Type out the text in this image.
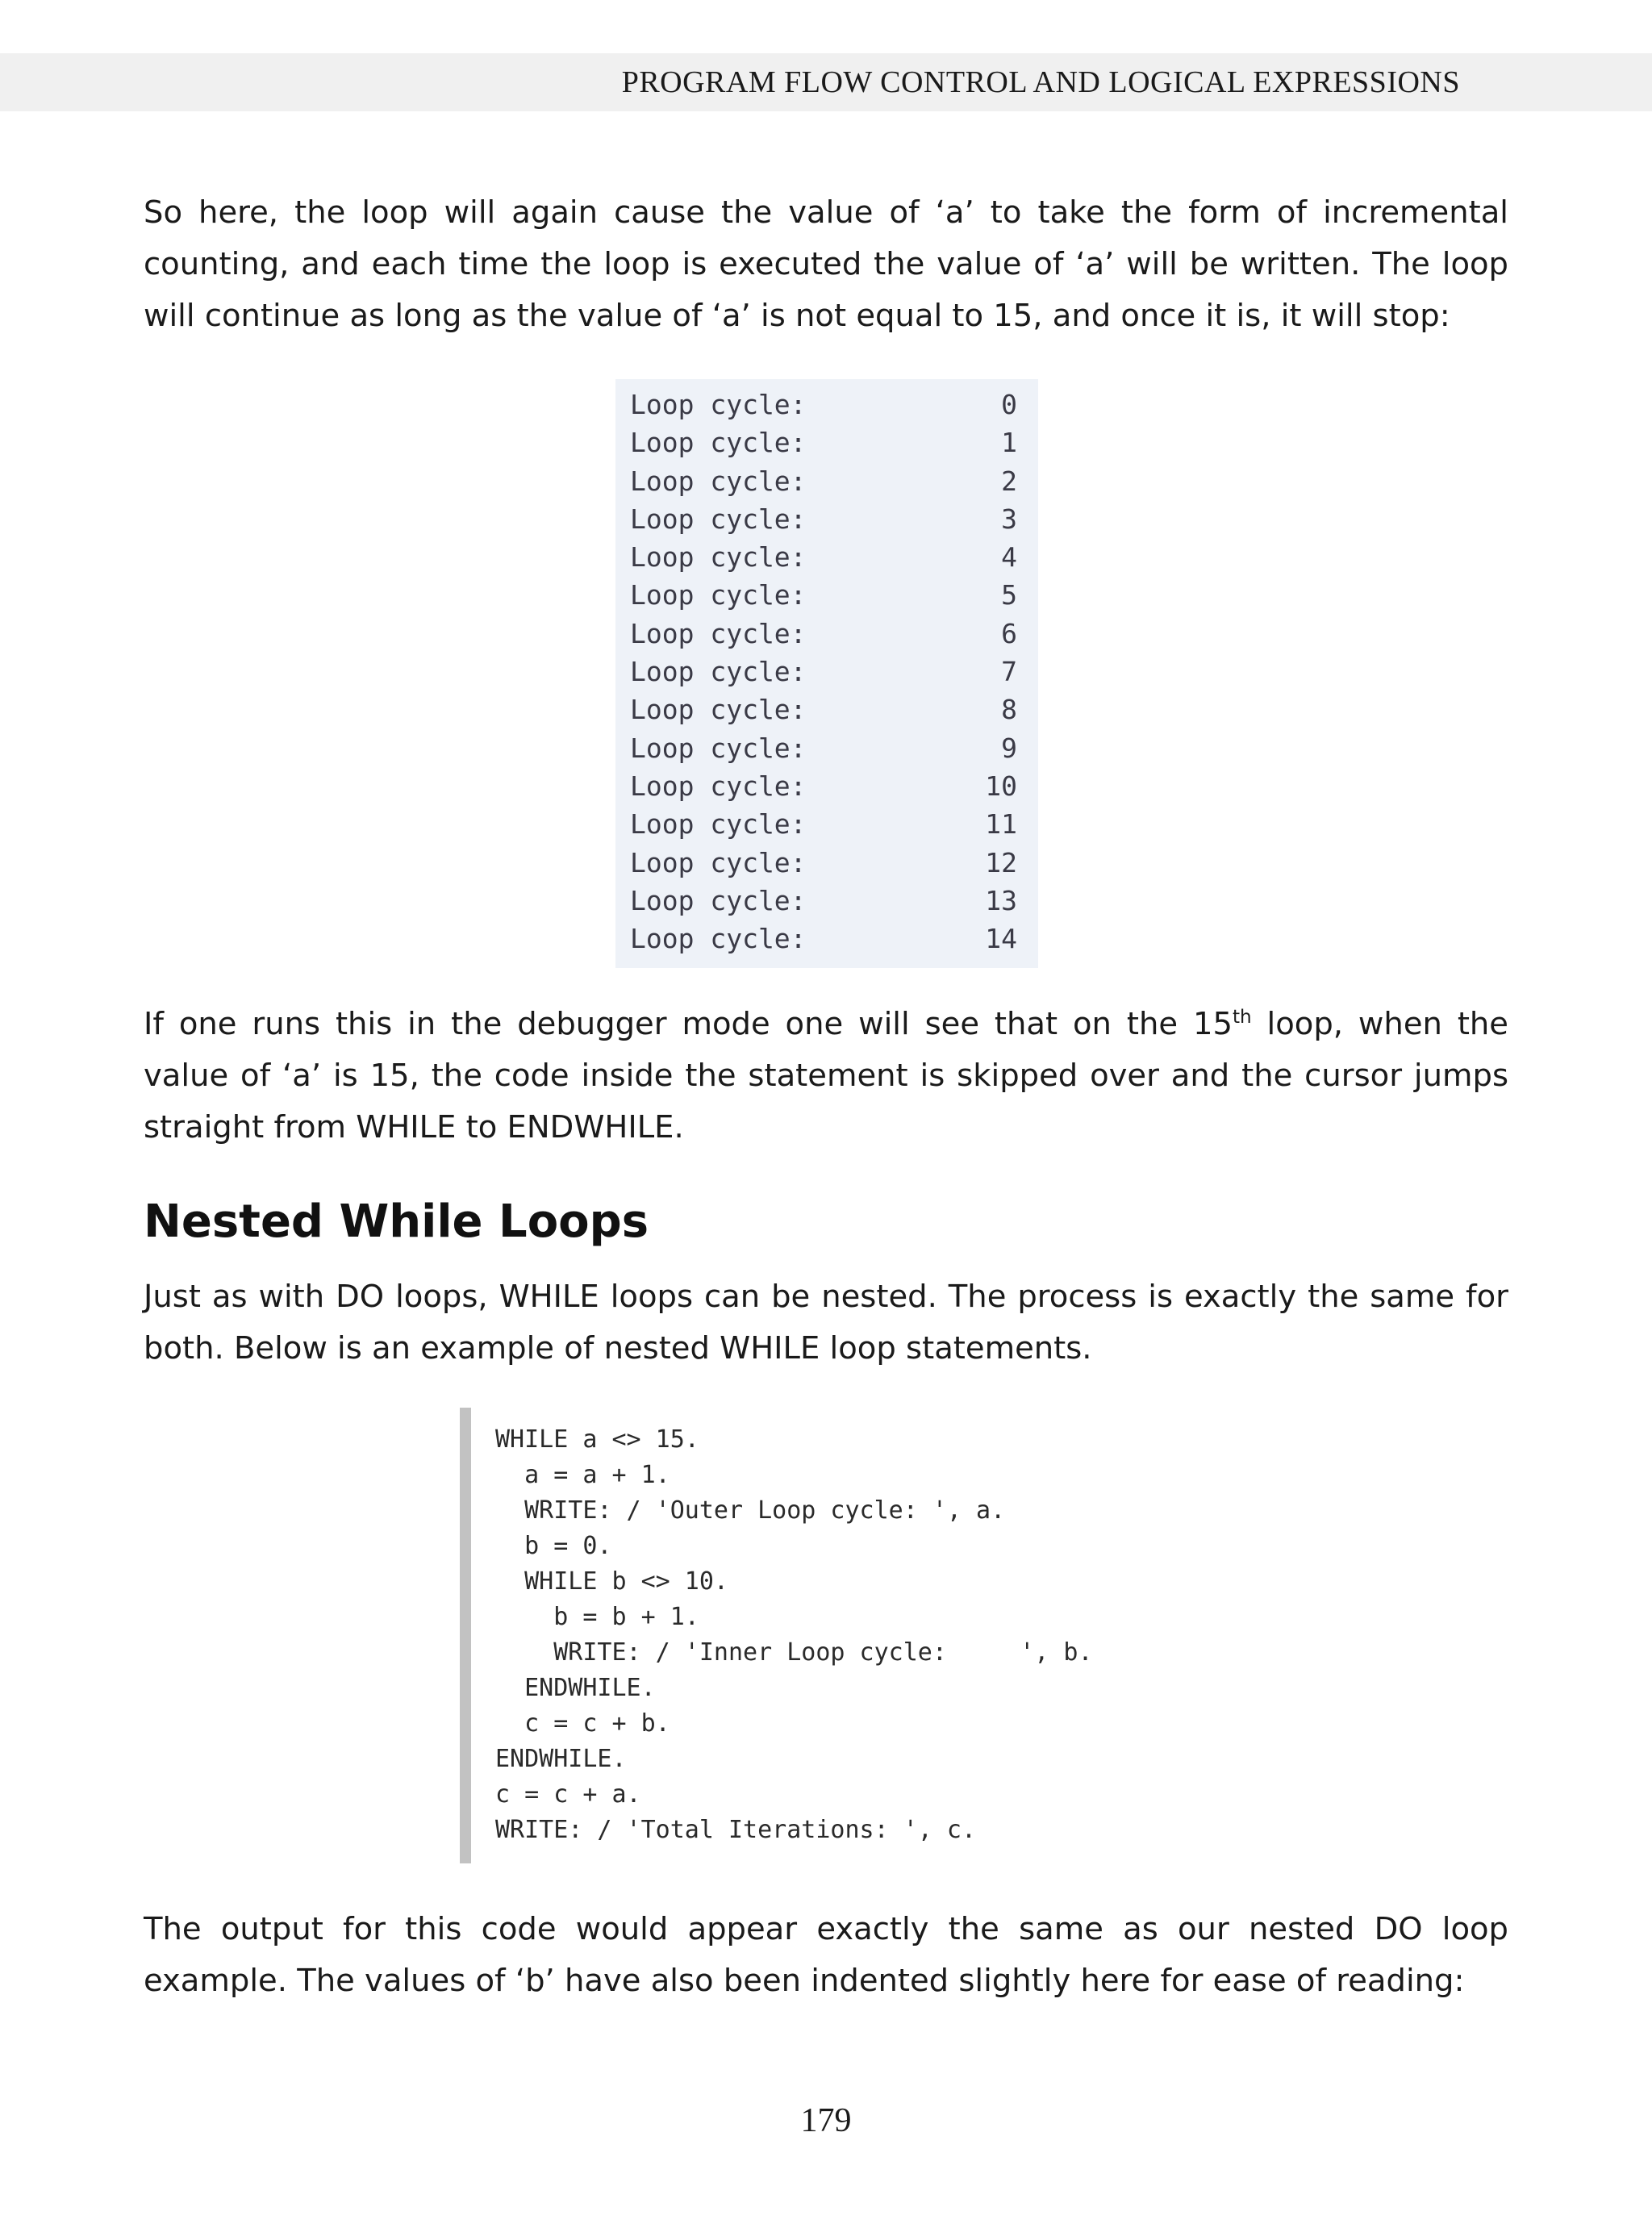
PROGRAM FLOW CONTROL AND LOGICAL EXPRESSIONS

So here, the loop will again cause the value of ‘a’ to take the form of incremental counting, and each time the loop is executed the value of ‘a’ will be written. The loop will continue as long as the value of ‘a’ is not equal to 15, and once it is, it will stop:

Loop cycle:	0
Loop cycle:	1
Loop cycle:	2
Loop cycle:	3
Loop cycle:	4
Loop cycle:	5
Loop cycle:	6
Loop cycle:	7
Loop cycle:	8
Loop cycle:	9
Loop cycle:	10
Loop cycle:	11
Loop cycle:	12
Loop cycle:	13
Loop cycle:	14

If one runs this in the debugger mode one will see that on the 15th loop, when the value of ‘a’ is 15, the code inside the statement is skipped over and the cursor jumps straight from WHILE to ENDWHILE.

Nested While Loops

Just as with DO loops, WHILE loops can be nested. The process is exactly the same for both. Below is an example of nested WHILE loop statements.

WHILE a <> 15.
a = a + 1.
WRITE: / 'Outer Loop cycle: ', a.
b = 0.
WHILE b <> 10.
b = b + 1.
WRITE: / 'Inner Loop cycle:     ', b.
ENDWHILE.
c = c + b.
ENDWHILE.
c = c + a.
WRITE: / 'Total Iterations: ', c.

The output for this code would appear exactly the same as our nested DO loop example. The values of ‘b’ have also been indented slightly here for ease of reading:

179
